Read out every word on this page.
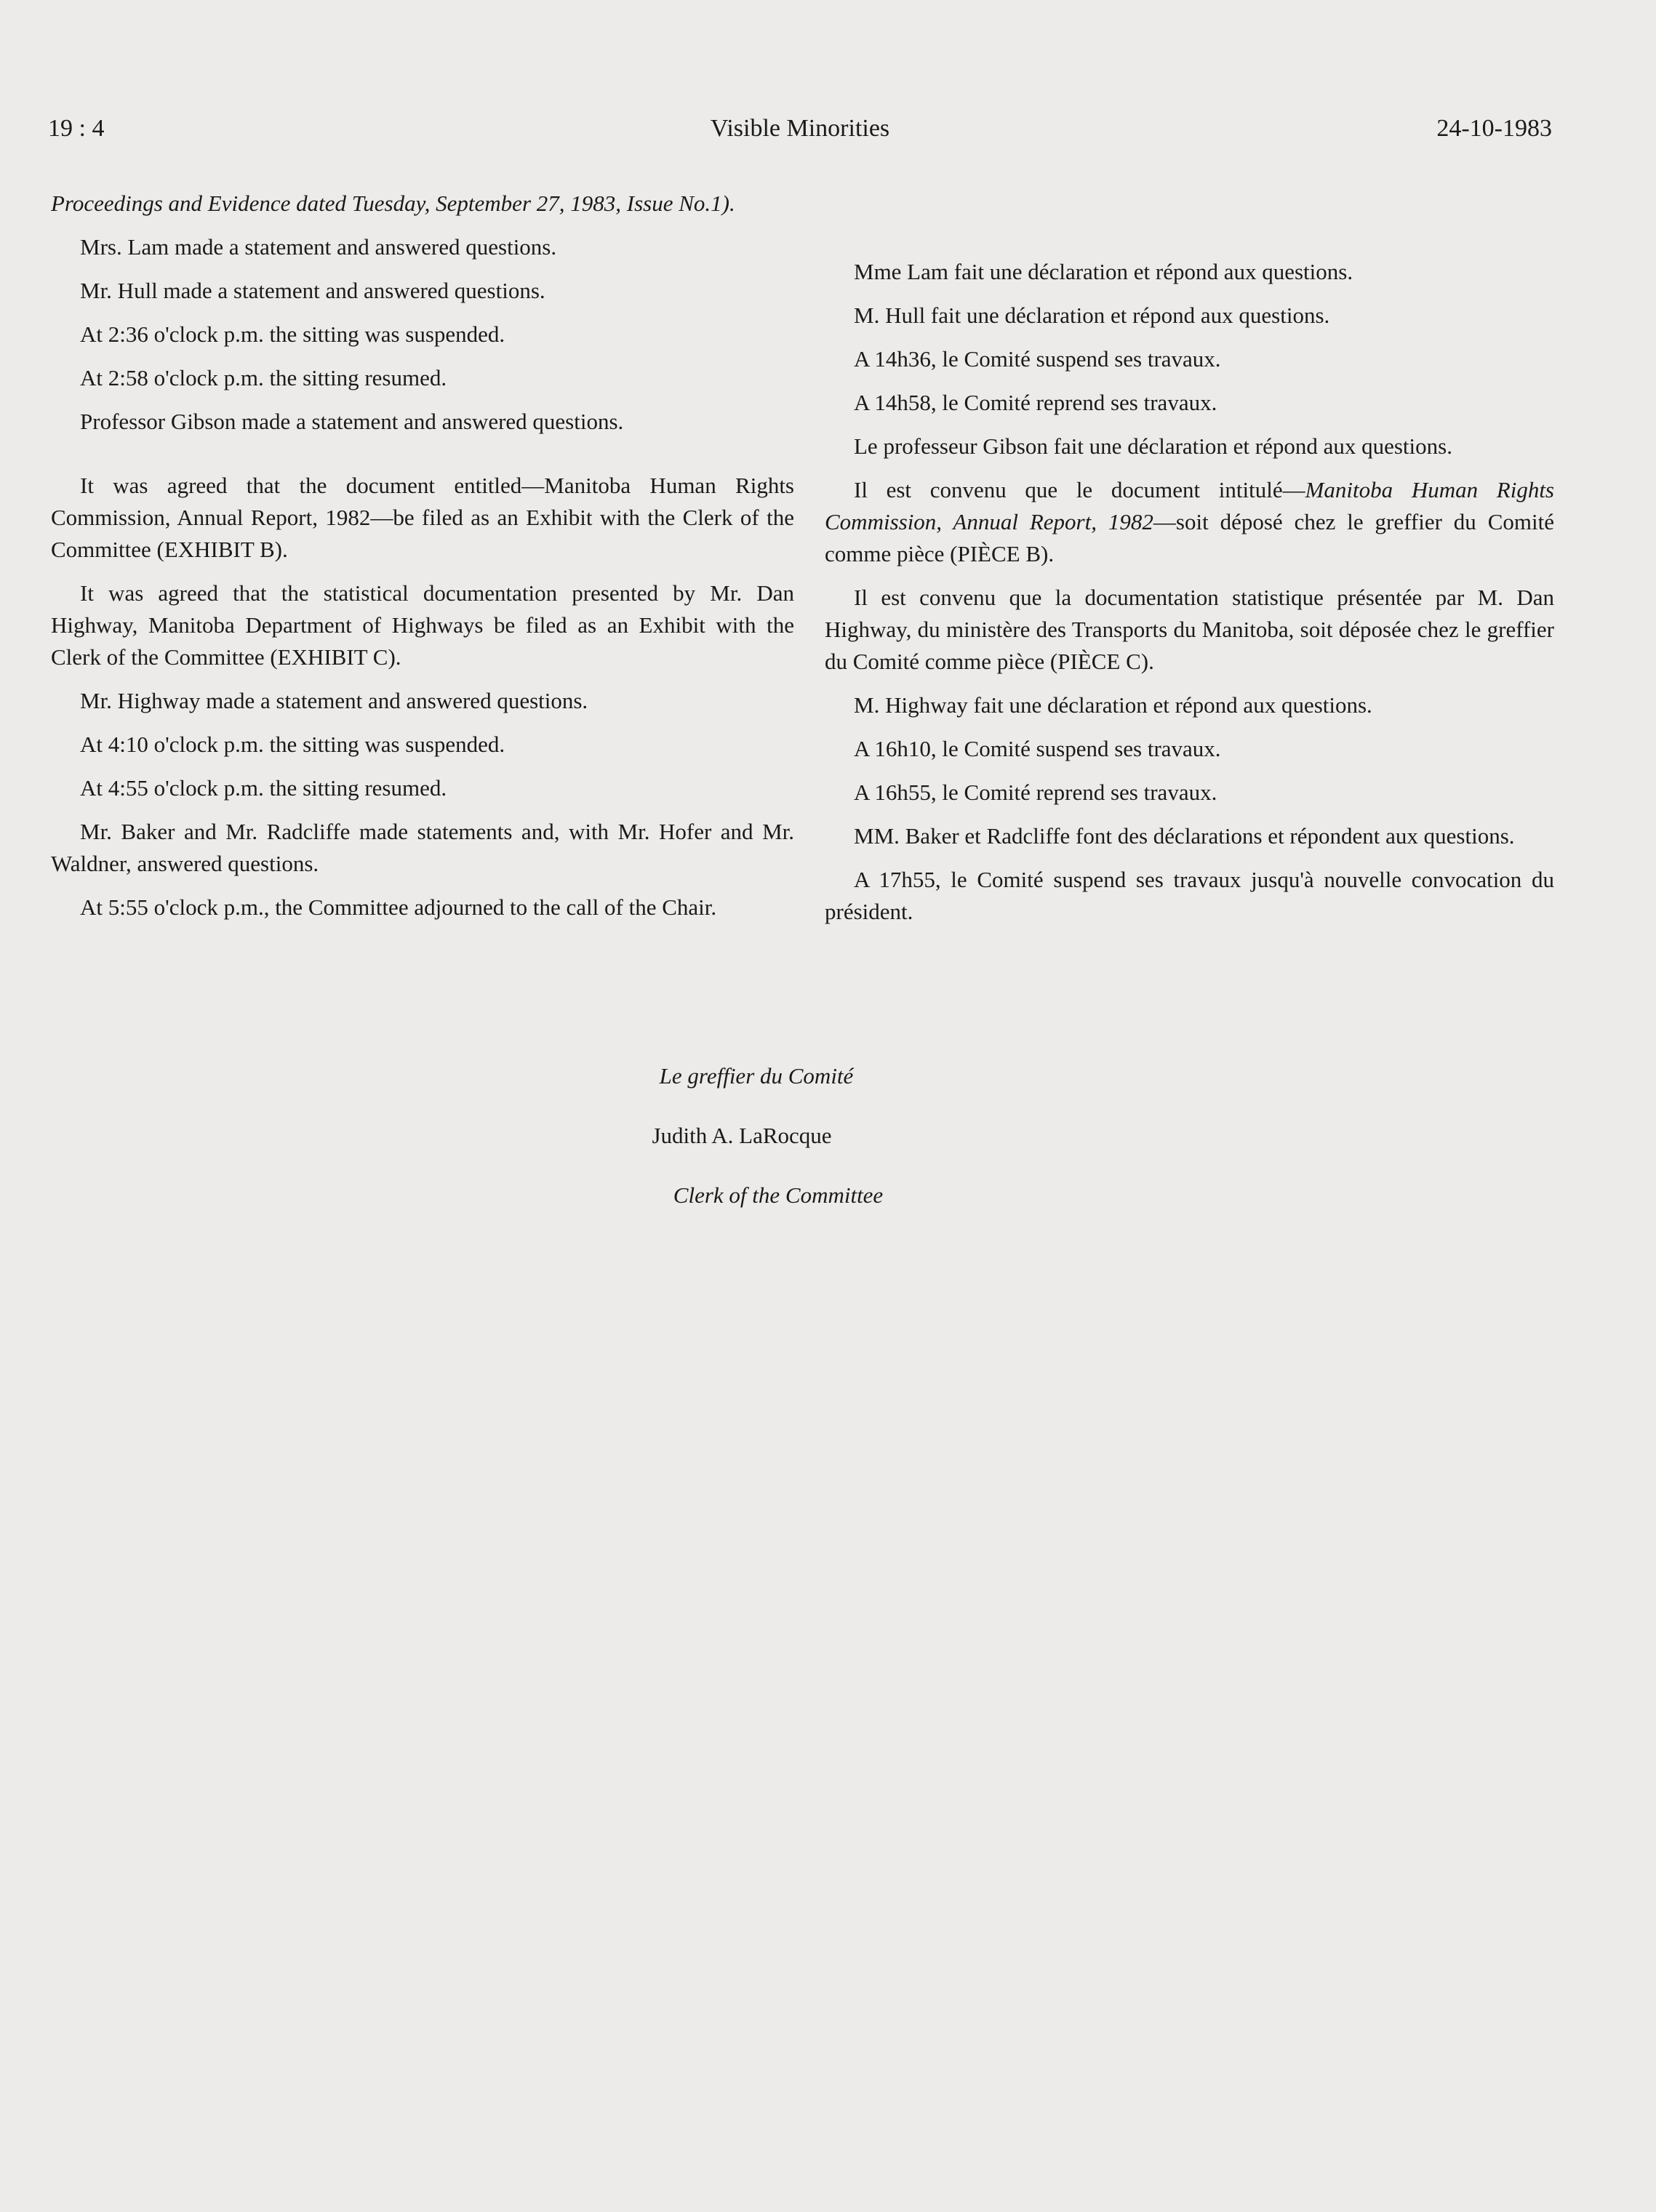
19 : 4	Visible Minorities	24-10-1983

Proceedings and Evidence dated Tuesday, September 27, 1983, Issue No.1).

Mrs. Lam made a statement and answered questions.

Mr. Hull made a statement and answered questions.

At 2:36 o'clock p.m. the sitting was suspended.

At 2:58 o'clock p.m. the sitting resumed.

Professor Gibson made a statement and answered questions.

It was agreed that the document entitled—Manitoba Human Rights Commission, Annual Report, 1982—be filed as an Exhibit with the Clerk of the Committee (EXHIBIT B).

It was agreed that the statistical documentation presented by Mr. Dan Highway, Manitoba Department of Highways be filed as an Exhibit with the Clerk of the Committee (EXHIBIT C).

Mr. Highway made a statement and answered questions.

At 4:10 o'clock p.m. the sitting was suspended.

At 4:55 o'clock p.m. the sitting resumed.

Mr. Baker and Mr. Radcliffe made statements and, with Mr. Hofer and Mr. Waldner, answered questions.

At 5:55 o'clock p.m., the Committee adjourned to the call of the Chair.

Mme Lam fait une déclaration et répond aux questions.

M. Hull fait une déclaration et répond aux questions.

A 14h36, le Comité suspend ses travaux.

A 14h58, le Comité reprend ses travaux.

Le professeur Gibson fait une déclaration et répond aux questions.

Il est convenu que le document intitulé—Manitoba Human Rights Commission, Annual Report, 1982—soit déposé chez le greffier du Comité comme pièce (PIÈCE B).

Il est convenu que la documentation statistique présentée par M. Dan Highway, du ministère des Transports du Manitoba, soit déposée chez le greffier du Comité comme pièce (PIÈCE C).

M. Highway fait une déclaration et répond aux questions.

A 16h10, le Comité suspend ses travaux.

A 16h55, le Comité reprend ses travaux.

MM. Baker et Radcliffe font des déclarations et répondent aux questions.

A 17h55, le Comité suspend ses travaux jusqu'à nouvelle convocation du président.

Le greffier du Comité
Judith A. LaRocque
Clerk of the Committee
